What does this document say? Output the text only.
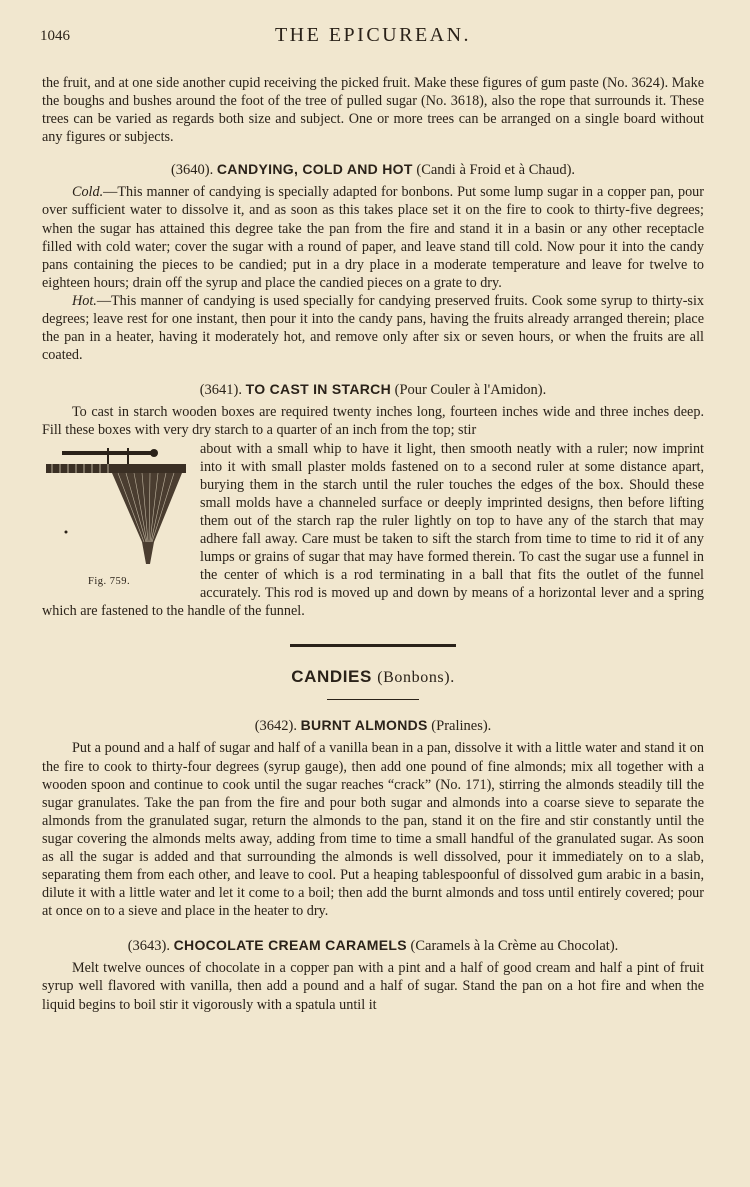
1046	THE EPICUREAN.

the fruit, and at one side another cupid receiving the picked fruit. Make these figures of gum paste (No. 3624). Make the boughs and bushes around the foot of the tree of pulled sugar (No. 3618), also the rope that surrounds it. These trees can be varied as regards both size and subject. One or more trees can be arranged on a single board without any figures or subjects.

(3640). CANDYING, COLD AND HOT (Candi à Froid et à Chaud).

Cold.—This manner of candying is specially adapted for bonbons. Put some lump sugar in a copper pan, pour over sufficient water to dissolve it, and as soon as this takes place set it on the fire to cook to thirty-five degrees; when the sugar has attained this degree take the pan from the fire and stand it in a basin or any other receptacle filled with cold water; cover the sugar with a round of paper, and leave stand till cold. Now pour it into the candy pans containing the pieces to be candied; put in a dry place in a moderate temperature and leave for twelve to eighteen hours; drain off the syrup and place the candied pieces on a grate to dry.

Hot.—This manner of candying is used specially for candying preserved fruits. Cook some syrup to thirty-six degrees; leave rest for one instant, then pour it into the candy pans, having the fruits already arranged therein; place the pan in a heater, having it moderately hot, and remove only after six or seven hours, or when the fruits are all coated.

(3641). TO CAST IN STARCH (Pour Couler à l'Amidon).

To cast in starch wooden boxes are required twenty inches long, fourteen inches wide and three inches deep. Fill these boxes with very dry starch to a quarter of an inch from the top; stir

Fig. 759.

about with a small whip to have it light, then smooth neatly with a ruler; now imprint into it with small plaster molds fastened on to a second ruler at some distance apart, burying them in the starch until the ruler touches the edges of the box. Should these small molds have a channeled surface or deeply imprinted designs, then before lifting them out of the starch rap the ruler lightly on top to have any of the starch that may adhere fall away. Care must be taken to sift the starch from time to time to rid it of any lumps or grains of sugar that may have formed therein. To cast the sugar use a funnel in the center of which is a rod terminating in a ball that fits the outlet of the funnel accurately. This rod is moved up and down by means of a horizontal lever and a spring which are fastened to the handle of the funnel.

CANDIES (Bonbons).
(3642). BURNT ALMONDS (Pralines).

Put a pound and a half of sugar and half of a vanilla bean in a pan, dissolve it with a little water and stand it on the fire to cook to thirty-four degrees (syrup gauge), then add one pound of fine almonds; mix all together with a wooden spoon and continue to cook until the sugar reaches “crack” (No. 171), stirring the almonds steadily till the sugar granulates. Take the pan from the fire and pour both sugar and almonds into a coarse sieve to separate the almonds from the granulated sugar, return the almonds to the pan, stand it on the fire and stir constantly until the sugar covering the almonds melts away, adding from time to time a small handful of the granulated sugar. As soon as all the sugar is added and that surrounding the almonds is well dissolved, pour it immediately on to a slab, separating them from each other, and leave to cool. Put a heaping tablespoonful of dissolved gum arabic in a basin, dilute it with a little water and let it come to a boil; then add the burnt almonds and toss until entirely covered; pour at once on to a sieve and place in the heater to dry.

(3643). CHOCOLATE CREAM CARAMELS (Caramels à la Crème au Chocolat).

Melt twelve ounces of chocolate in a copper pan with a pint and a half of good cream and half a pint of fruit syrup well flavored with vanilla, then add a pound and a half of sugar. Stand the pan on a hot fire and when the liquid begins to boil stir it vigorously with a spatula until it
